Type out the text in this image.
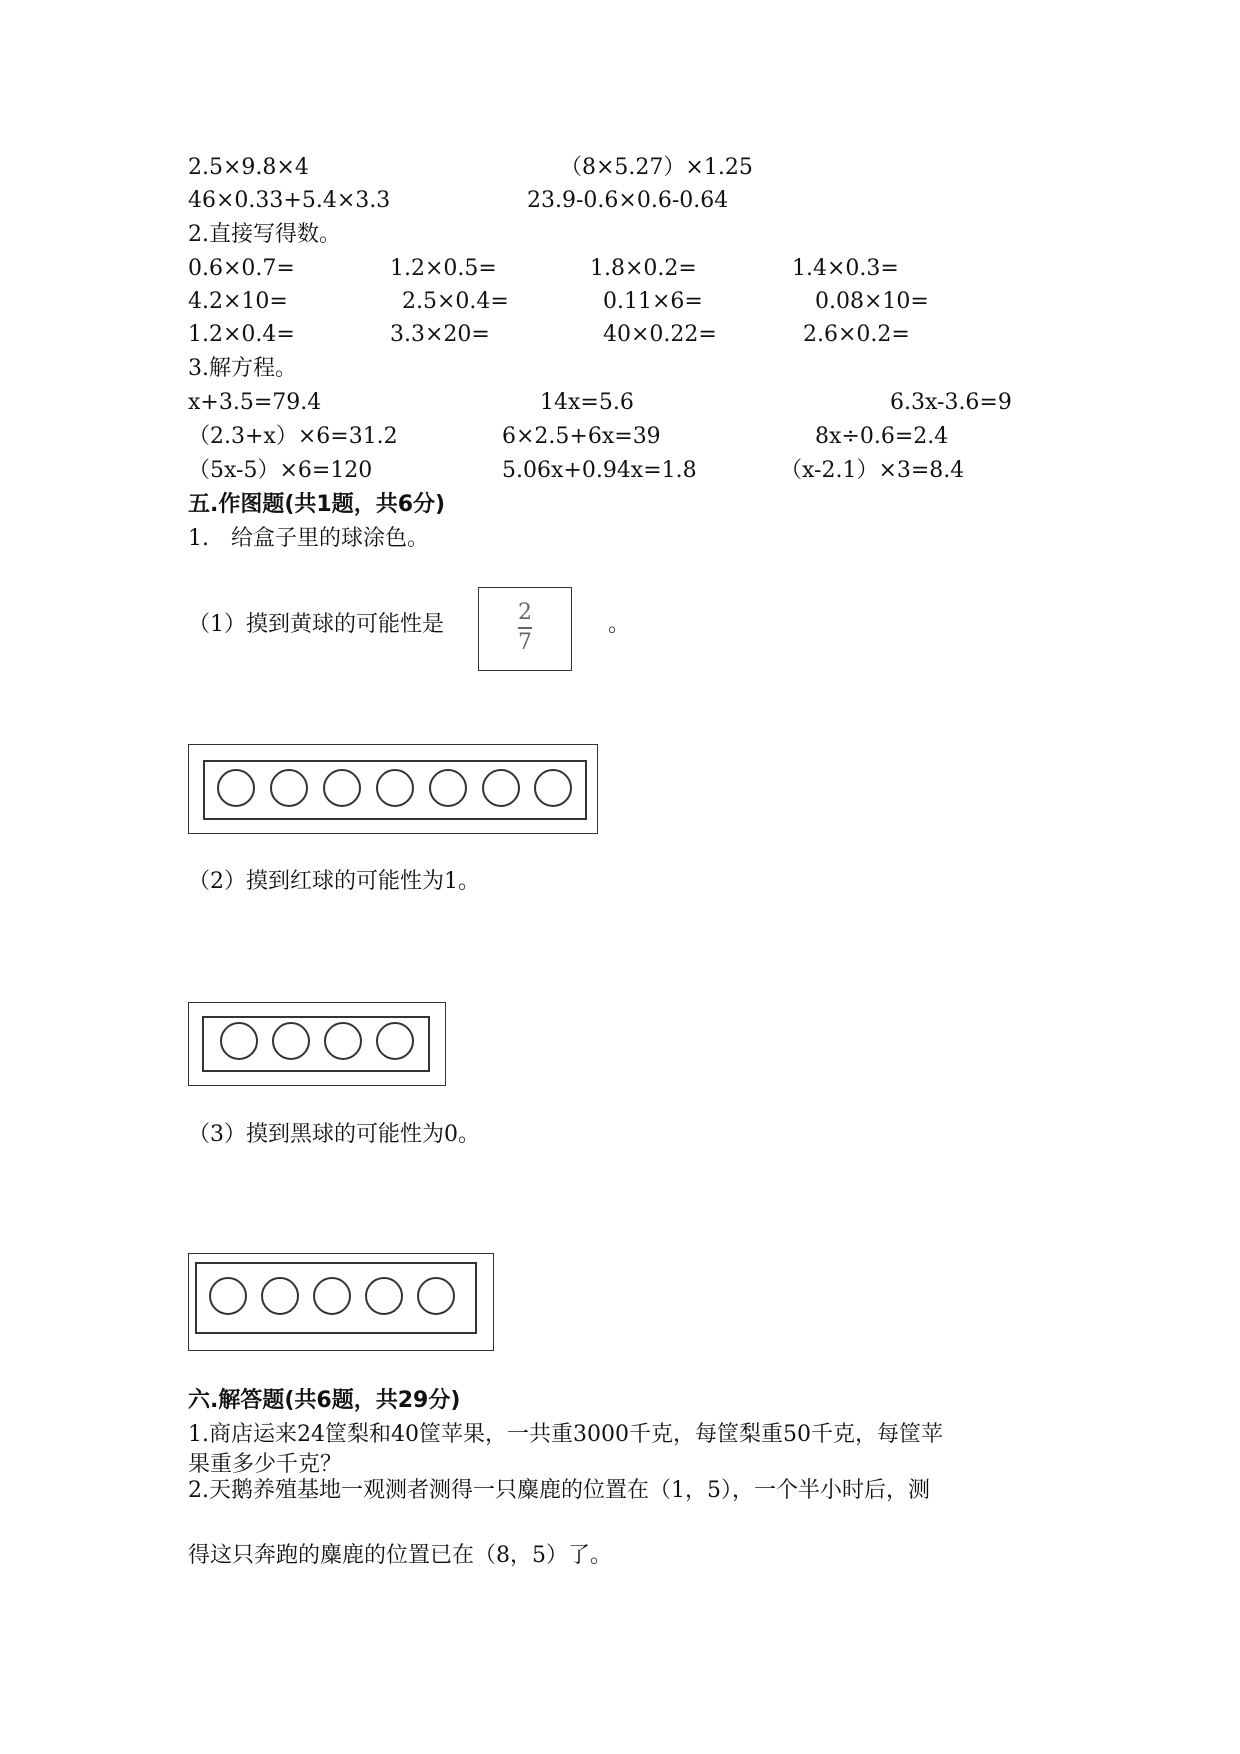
2.5×9.8×4	（8×5.27）×1.25
46×0.33+5.4×3.3	23.9-0.6×0.6-0.64
2.直接写得数。
0.6×0.7=	1.2×0.5=	1.8×0.2=	1.4×0.3=
4.2×10=	2.5×0.4=	0.11×6=	0.08×10=
1.2×0.4=	3.3×20=	40×0.22=	2.6×0.2=
3.解方程。
x+3.5=79.4	14x=5.6	6.3x-3.6=9
（2.3+x）×6=31.2	6×2.5+6x=39	8x÷0.6=2.4
（5x-5）×6=120	5.06x+0.94x=1.8	（x-2.1）×3=8.4
五.作图题(共1题，共6分)
1.　给盒子里的球涂色。
（1）摸到黄球的可能性是	2
7
。
（2）摸到红球的可能性为1。
（3）摸到黑球的可能性为0。
六.解答题(共6题，共29分)
1.商店运来24筐梨和40筐苹果，一共重3000千克，每筐梨重50千克，每筐苹
果重多少千克？
2.天鹅养殖基地一观测者测得一只麋鹿的位置在（1，5），一个半小时后，测
得这只奔跑的麋鹿的位置已在（8，5）了。
